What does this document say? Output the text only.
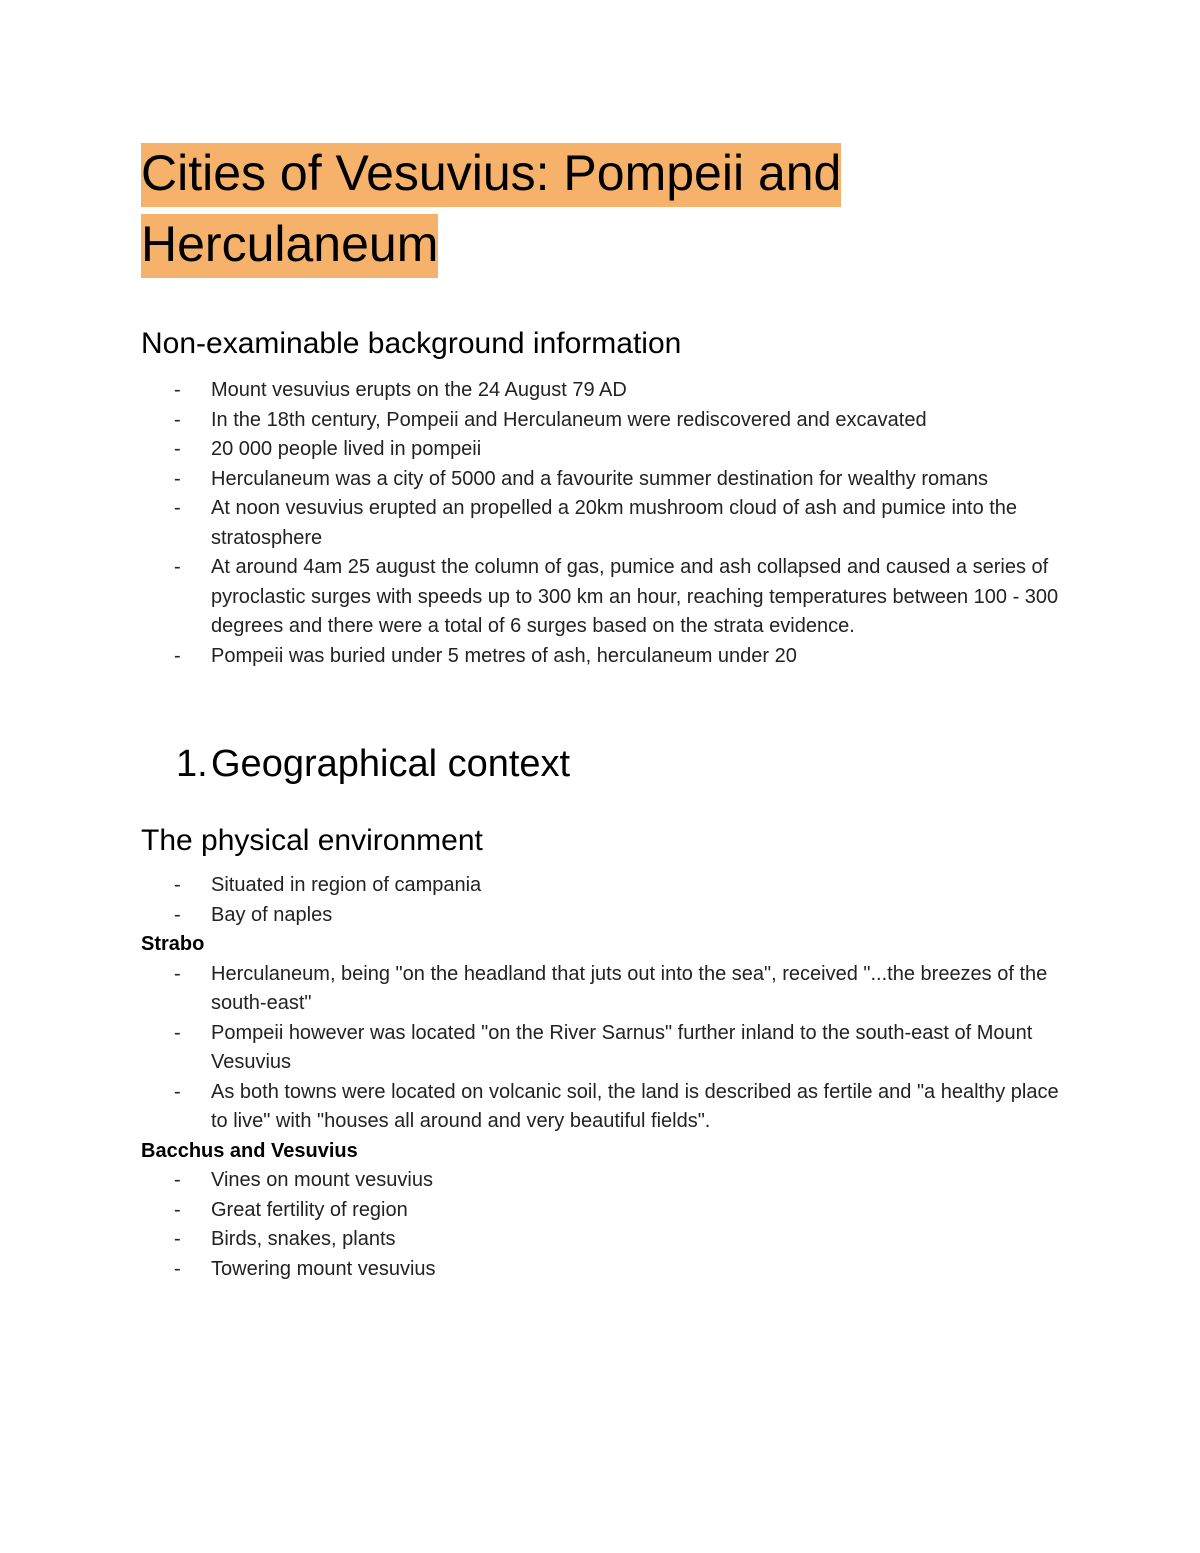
Cities of Vesuvius: Pompeii and
Herculaneum
Non-examinable background information
- Mount vesuvius erupts on the 24 August 79 AD
- In the 18th century, Pompeii and Herculaneum were rediscovered and excavated
- 20 000 people lived in pompeii
- Herculaneum was a city of 5000 and a favourite summer destination for wealthy romans
- At noon vesuvius erupted an propelled a 20km mushroom cloud of ash and pumice into the stratosphere
- At around 4am 25 august the column of gas, pumice and ash collapsed and caused a series of pyroclastic surges with speeds up to 300 km an hour, reaching temperatures between 100 - 300 degrees and there were a total of 6 surges based on the strata evidence.
- Pompeii was buried under 5 metres of ash, herculaneum under 20
1. Geographical context
The physical environment
- Situated in region of campania
- Bay of naples

Strabo

- Herculaneum, being "on the headland that juts out into the sea", received "...the breezes of the south-east"
- Pompeii however was located "on the River Sarnus" further inland to the south-east of Mount Vesuvius
- As both towns were located on volcanic soil, the land is described as fertile and "a healthy place to live" with "houses all around and very beautiful fields".

Bacchus and Vesuvius

- Vines on mount vesuvius
- Great fertility of region
- Birds, snakes, plants
- Towering mount vesuvius
